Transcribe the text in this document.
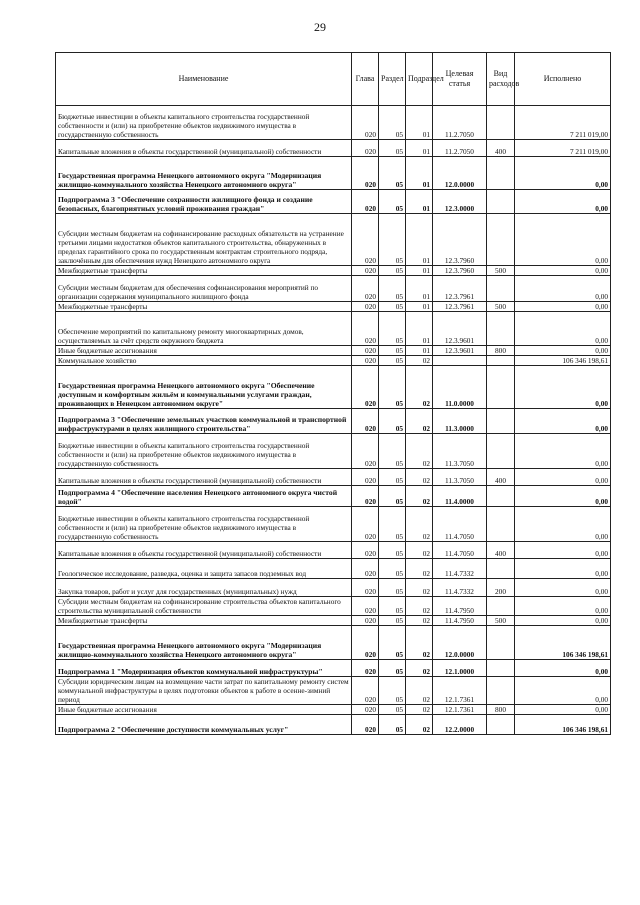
29
Наименование	Глава	Раздел	Подраздел	Целевая статья	Вид расходов	Исполнено
Бюджетные инвестиции в объекты капитального строительства государственной собственности и (или) на приобретение объектов недвижимого имущества в государственную собственность	020	05	01	11.2.7050		7 211 019,00
Капитальные вложения в объекты государственной (муниципальной) собственности	020	05	01	11.2.7050	400	7 211 019,00
Государственная программа Ненецкого автономного округа "Модернизация жилищно-коммунального хозяйства Ненецкого автономного округа"	020	05	01	12.0.0000		0,00
Подпрограмма 3 "Обеспечение сохранности жилищного фонда и создание безопасных, благоприятных условий проживания граждан"	020	05	01	12.3.0000		0,00
Субсидии местным бюджетам на софинансирование расходных обязательств на устранение третьими лицами недостатков объектов капитального строительства, обнаруженных в пределах гарантийного срока по государственным контрактам строительного подряда, заключённым для обеспечения нужд Ненецкого автономного округа	020	05	01	12.3.7960		0,00
Межбюджетные трансферты	020	05	01	12.3.7960	500	0,00
Субсидии местным бюджетам для обеспечения софинансирования мероприятий по организации содержания муниципального жилищного фонда	020	05	01	12.3.7961		0,00
Межбюджетные трансферты	020	05	01	12.3.7961	500	0,00
Обеспечение мероприятий по капитальному ремонту многоквартирных домов, осуществляемых за счёт средств окружного бюджета	020	05	01	12.3.9601		0,00
Иные бюджетные ассигнования	020	05	01	12.3.9601	800	0,00
Коммунальное хозяйство	020	05	02			106 346 198,61
Государственная программа Ненецкого автономного округа "Обеспечение доступным и комфортным жильём и коммунальными услугами граждан, проживающих в Ненецком автономном округе"	020	05	02	11.0.0000		0,00
Подпрограмма 3 "Обеспечение земельных участков коммунальной и транспортной инфраструктурами в целях жилищного строительства"	020	05	02	11.3.0000		0,00
Бюджетные инвестиции в объекты капитального строительства государственной собственности и (или) на приобретение объектов недвижимого имущества в государственную собственность	020	05	02	11.3.7050		0,00
Капитальные вложения в объекты государственной (муниципальной) собственности	020	05	02	11.3.7050	400	0,00
Подпрограмма 4 "Обеспечение населения Ненецкого автономного округа чистой водой"	020	05	02	11.4.0000		0,00
Бюджетные инвестиции в объекты капитального строительства государственной собственности и (или) на приобретение объектов недвижимого имущества в государственную собственность	020	05	02	11.4.7050		0,00
Капитальные вложения в объекты государственной (муниципальной) собственности	020	05	02	11.4.7050	400	0,00
Геологическое исследование, разведка, оценка и защита запасов подземных вод	020	05	02	11.4.7332		0,00
Закупка товаров, работ и услуг для государственных (муниципальных) нужд	020	05	02	11.4.7332	200	0,00
Субсидии местным бюджетам на софинансирование строительства объектов капитального строительства муниципальной собственности	020	05	02	11.4.7950		0,00
Межбюджетные трансферты	020	05	02	11.4.7950	500	0,00
Государственная программа Ненецкого автономного округа "Модернизация жилищно-коммунального хозяйства Ненецкого автономного округа"	020	05	02	12.0.0000		106 346 198,61
Подпрограмма 1 "Модернизация объектов коммунальной инфраструктуры"	020	05	02	12.1.0000		0,00
Субсидии юридическим лицам на возмещение части затрат по капитальному ремонту систем коммунальной инфраструктуры в целях подготовки объектов к работе в осенне-зимний период	020	05	02	12.1.7361		0,00
Иные бюджетные ассигнования	020	05	02	12.1.7361	800	0,00
Подпрограмма 2 "Обеспечение доступности коммунальных услуг"	020	05	02	12.2.0000		106 346 198,61
